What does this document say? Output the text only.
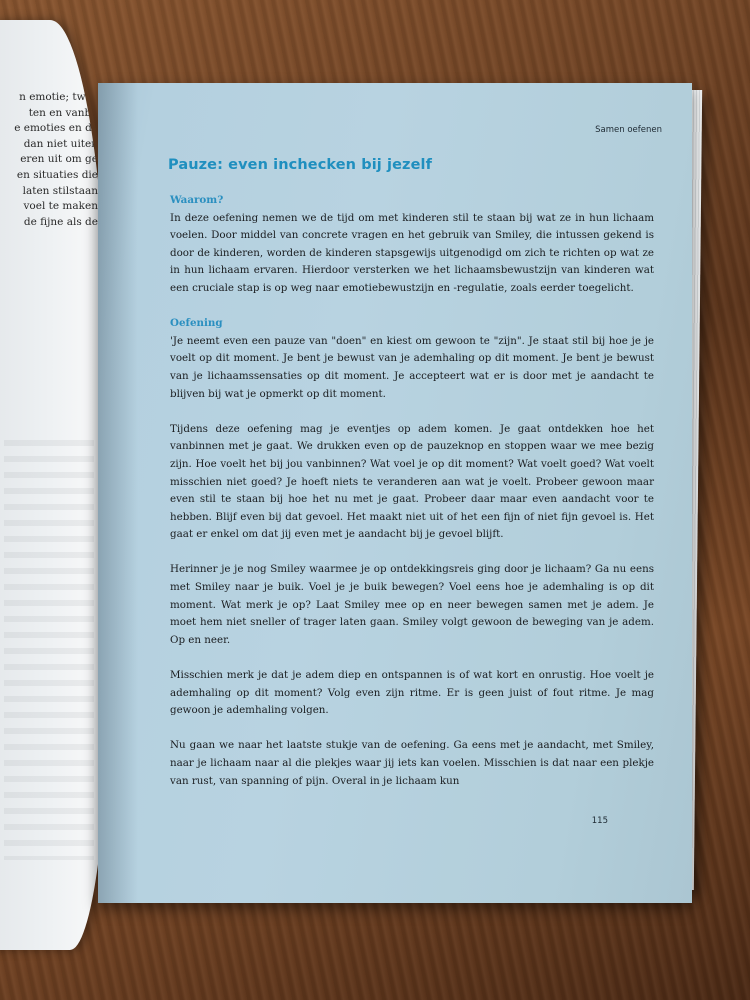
n emotie; twee
ten en vanbu
e emoties en de
dan niet uiten
eren uit om ge
en situaties die
laten stilstaan
voel te maken
de fijne als de
Samen oefenen
Pauze: even inchecken bij jezelf
Waarom?

In deze oefening nemen we de tijd om met kinderen stil te staan bij wat ze in hun lichaam voelen. Door middel van concrete vragen en het gebruik van Smiley, die intussen gekend is door de kinderen, worden de kinderen stapsgewijs uitgenodigd om zich te richten op wat ze in hun lichaam ervaren. Hierdoor versterken we het lichaamsbewustzijn van kinderen wat een cruciale stap is op weg naar emotiebewustzijn en -regulatie, zoals eerder toegelicht.

Oefening

'Je neemt even een pauze van "doen" en kiest om gewoon te "zijn". Je staat stil bij hoe je je voelt op dit moment. Je bent je bewust van je ademhaling op dit moment. Je bent je bewust van je lichaamssensaties op dit moment. Je accepteert wat er is door met je aandacht te blijven bij wat je opmerkt op dit moment.

Tijdens deze oefening mag je eventjes op adem komen. Je gaat ontdekken hoe het vanbinnen met je gaat. We drukken even op de pauzeknop en stoppen waar we mee bezig zijn. Hoe voelt het bij jou vanbinnen? Wat voel je op dit moment? Wat voelt goed? Wat voelt misschien niet goed? Je hoeft niets te veranderen aan wat je voelt. Probeer gewoon maar even stil te staan bij hoe het nu met je gaat. Probeer daar maar even aandacht voor te hebben. Blijf even bij dat gevoel. Het maakt niet uit of het een fijn of niet fijn gevoel is. Het gaat er enkel om dat jij even met je aandacht bij je gevoel blijft.

Herinner je je nog Smiley waarmee je op ontdekkingsreis ging door je lichaam? Ga nu eens met Smiley naar je buik. Voel je je buik bewegen? Voel eens hoe je ademhaling is op dit moment. Wat merk je op? Laat Smiley mee op en neer bewegen samen met je adem. Je moet hem niet sneller of trager laten gaan. Smiley volgt gewoon de beweging van je adem. Op en neer.

Misschien merk je dat je adem diep en ontspannen is of wat kort en onrustig. Hoe voelt je ademhaling op dit moment? Volg even zijn ritme. Er is geen juist of fout ritme. Je mag gewoon je ademhaling volgen.

Nu gaan we naar het laatste stukje van de oefening. Ga eens met je aandacht, met Smiley, naar je lichaam naar al die plekjes waar jij iets kan voelen. Misschien is dat naar een plekje van rust, van spanning of pijn. Overal in je lichaam kun

115
